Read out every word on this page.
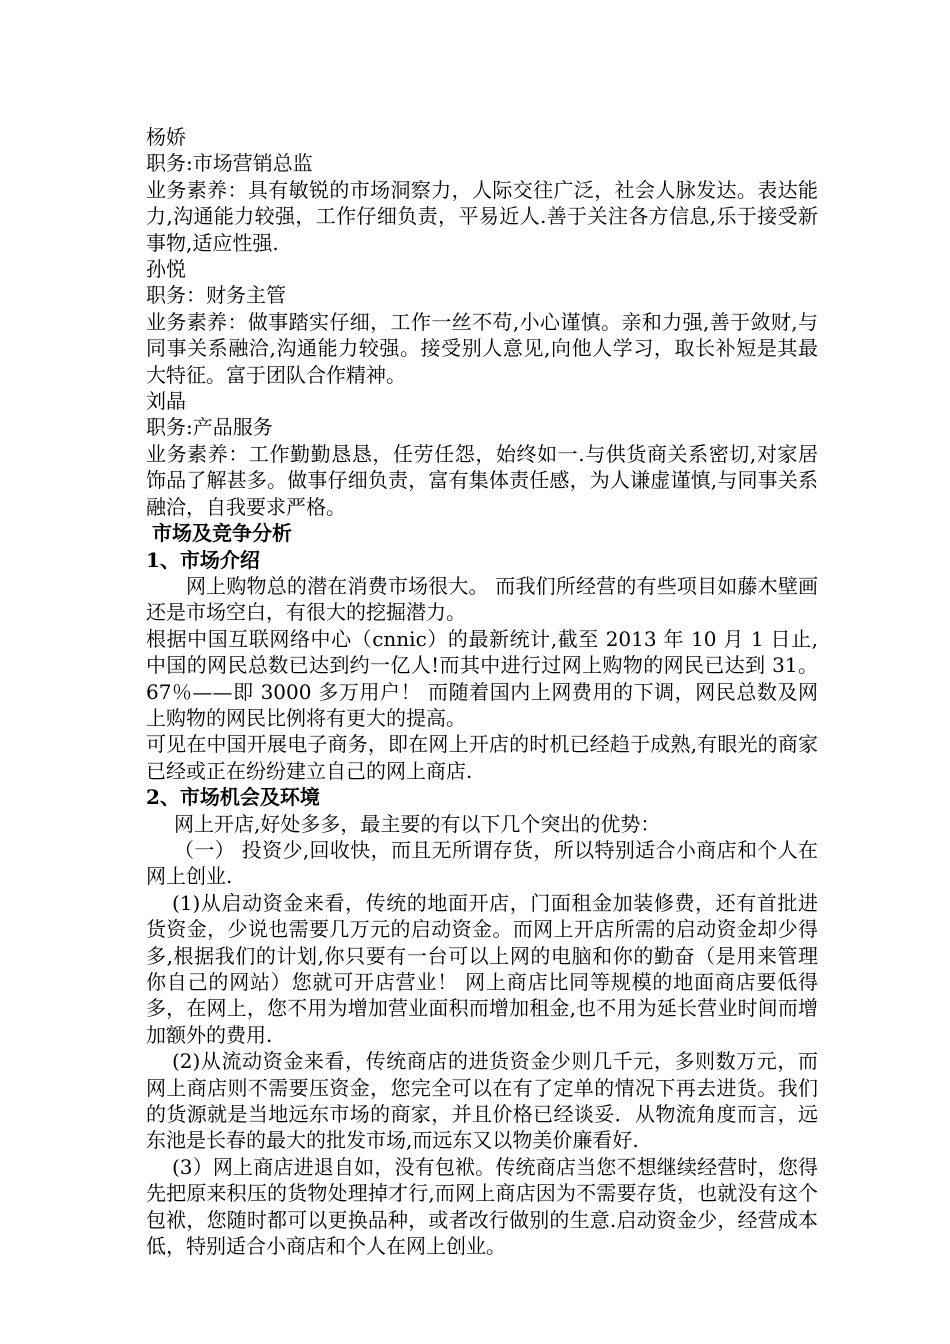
杨娇

职务:市场营销总监

业务素养：具有敏锐的市场洞察力，人际交往广泛，社会人脉发达。表达能力,沟通能力较强，工作仔细负责，平易近人.善于关注各方信息,乐于接受新事物,适应性强.

孙悦

职务：财务主管

业务素养：做事踏实仔细，工作一丝不苟,小心谨慎。亲和力强,善于敛财,与同事关系融洽,沟通能力较强。接受别人意见,向他人学习，取长补短是其最大特征。富于团队合作精神。

刘晶

职务:产品服务

业务素养：工作勤勤恳恳，任劳任怨，始终如一.与供货商关系密切,对家居饰品了解甚多。做事仔细负责，富有集体责任感，为人谦虚谨慎,与同事关系融洽，自我要求严格。

市场及竞争分析

1、市场介绍

网上购物总的潜在消费市场很大。 而我们所经营的有些项目如藤木壁画还是市场空白，有很大的挖掘潜力。

根据中国互联网络中心（cnnic）的最新统计,截至 2013 年 10 月 1 日止,中国的网民总数已达到约一亿人!而其中进行过网上购物的网民已达到 31。67％——即 3000 多万用户！ 而随着国内上网费用的下调，网民总数及网上购物的网民比例将有更大的提高。

可见在中国开展电子商务，即在网上开店的时机已经趋于成熟,有眼光的商家已经或正在纷纷建立自己的网上商店.

2、市场机会及环境

网上开店,好处多多，最主要的有以下几个突出的优势：

（一） 投资少,回收快，而且无所谓存货，所以特别适合小商店和个人在网上创业.

(1)从启动资金来看，传统的地面开店，门面租金加装修费，还有首批进货资金，少说也需要几万元的启动资金。而网上开店所需的启动资金却少得多,根据我们的计划,你只要有一台可以上网的电脑和你的勤奋（是用来管理你自己的网站）您就可开店营业！ 网上商店比同等规模的地面商店要低得多，在网上，您不用为增加营业面积而增加租金,也不用为延长营业时间而增加额外的费用.

(2)从流动资金来看，传统商店的进货资金少则几千元，多则数万元，而网上商店则不需要压资金，您完全可以在有了定单的情况下再去进货。我们的货源就是当地远东市场的商家，并且价格已经谈妥．从物流角度而言，远东池是长春的最大的批发市场,而远东又以物美价廉看好.

(3）网上商店进退自如，没有包袱。传统商店当您不想继续经营时，您得先把原来积压的货物处理掉才行,而网上商店因为不需要存货，也就没有这个包袱，您随时都可以更换品种，或者改行做别的生意.启动资金少，经营成本低，特别适合小商店和个人在网上创业。
